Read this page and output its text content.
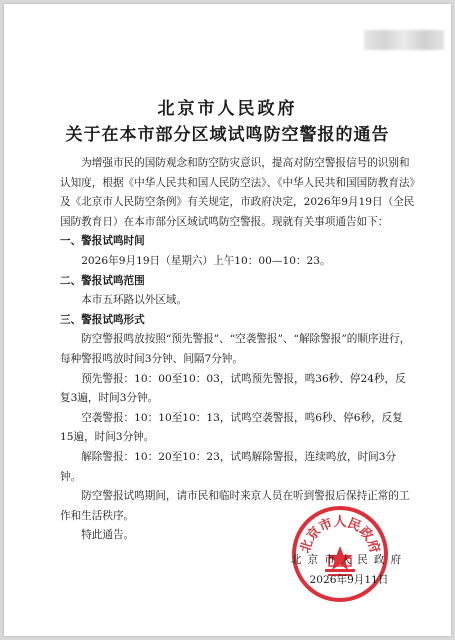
北京市人民政府
关于在本市部分区域试鸣防空警报的通告

为增强市民的国防观念和防空防灾意识，提高对防空警报信号的识别和认知度，根据《中华人民共和国人民防空法》、《中华人民共和国国防教育法》及《北京市人民防空条例》有关规定，市政府决定，2026年9月19日（全民国防教育日）在本市部分区域试鸣防空警报。现就有关事项通告如下：

一、警报试鸣时间

2026年9月19日（星期六）上午10：00—10：23。

二、警报试鸣范围

本市五环路以外区域。

三、警报试鸣形式

防空警报鸣放按照“预先警报”、“空袭警报”、“解除警报”的顺序进行，每种警报鸣放时间3分钟、间隔7分钟。

预先警报：10：00至10：03，试鸣预先警报，鸣36秒、停24秒，反复3遍，时间3分钟。

空袭警报：10：10至10：13，试鸣空袭警报，鸣6秒、停6秒，反复15遍，时间3分钟。

解除警报：10：20至10：23，试鸣解除警报，连续鸣放，时间3分钟。

防空警报试鸣期间，请市民和临时来京人员在听到警报后保持正常的工作和生活秩序。

特此通告。

北京市人民政府
北京市人民政府
2026年9月11日
